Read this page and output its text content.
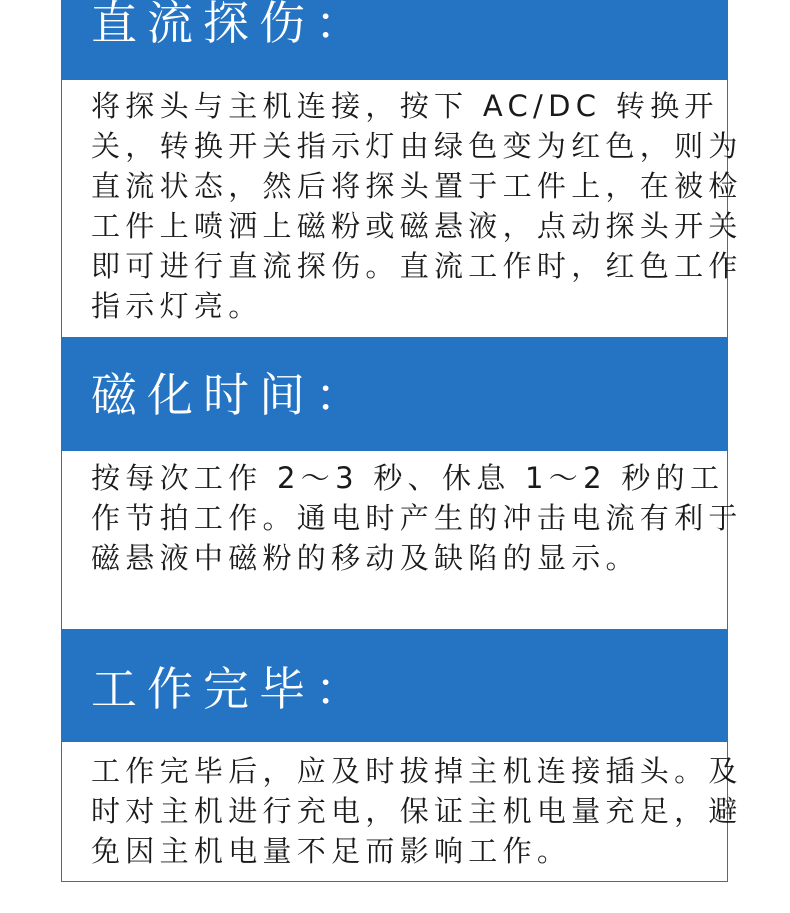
直流探伤：

将探头与主机连接，按下 AC/DC 转换开关，转换开关指示灯由绿色变为红色，则为直流状态，然后将探头置于工件上，在被检工件上喷洒上磁粉或磁悬液，点动探头开关即可进行直流探伤。直流工作时，红色工作指示灯亮。

磁化时间：

按每次工作 2～3 秒、休息 1～2 秒的工作节拍工作。通电时产生的冲击电流有利于磁悬液中磁粉的移动及缺陷的显示。

工作完毕：

工作完毕后，应及时拔掉主机连接插头。及时对主机进行充电，保证主机电量充足，避免因主机电量不足而影响工作。
